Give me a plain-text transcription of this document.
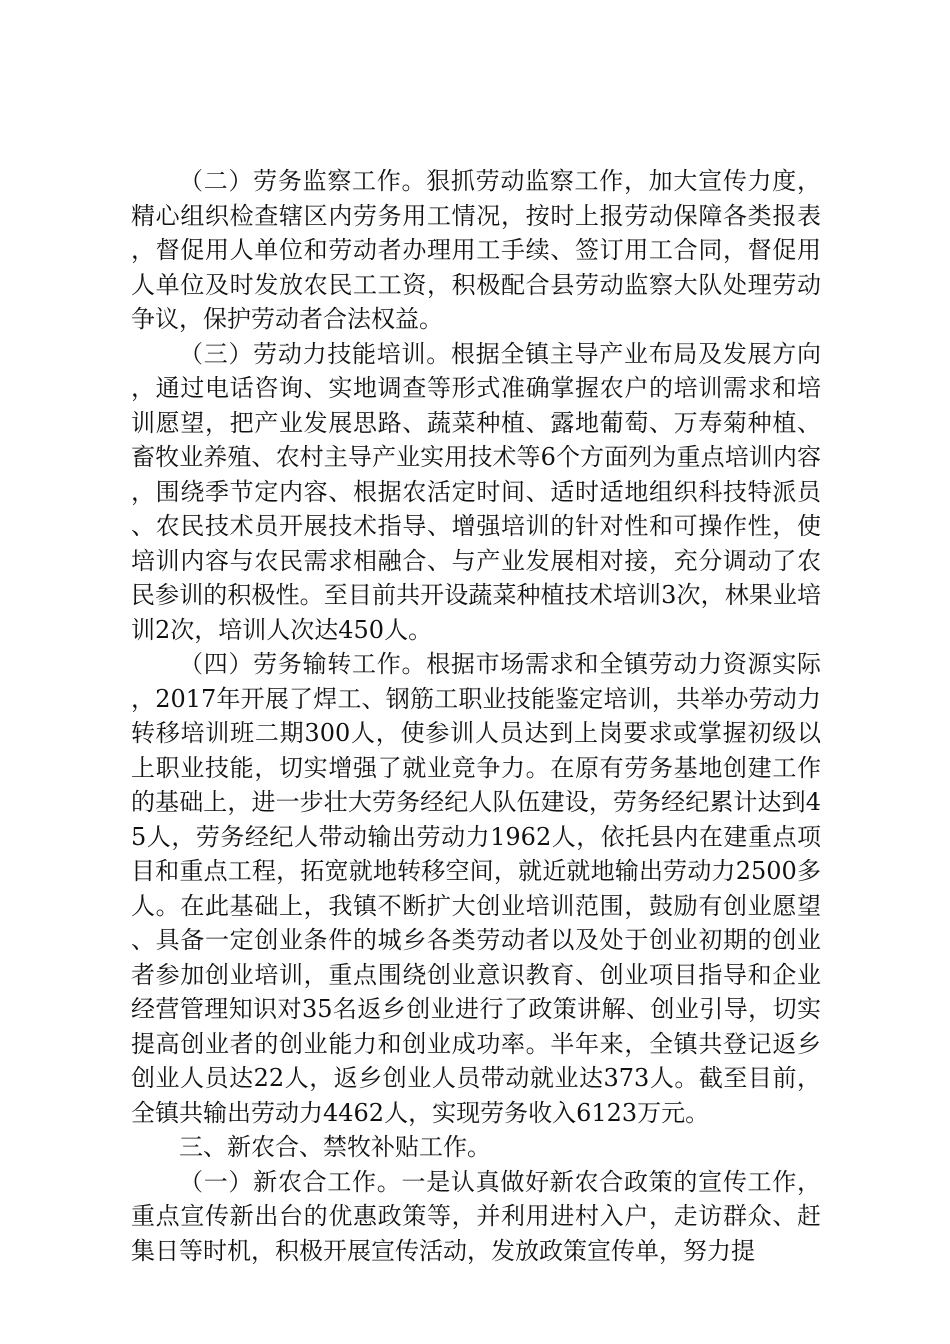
（二）劳务监察工作。狠抓劳动监察工作，加大宣传力度，精心组织检查辖区内劳务用工情况，按时上报劳动保障各类报表，督促用人单位和劳动者办理用工手续、签订用工合同，督促用人单位及时发放农民工工资，积极配合县劳动监察大队处理劳动争议，保护劳动者合法权益。

（三）劳动力技能培训。根据全镇主导产业布局及发展方向，通过电话咨询、实地调查等形式准确掌握农户的培训需求和培训愿望，把产业发展思路、蔬菜种植、露地葡萄、万寿菊种植、畜牧业养殖、农村主导产业实用技术等6个方面列为重点培训内容，围绕季节定内容、根据农活定时间、适时适地组织科技特派员、农民技术员开展技术指导、增强培训的针对性和可操作性，使培训内容与农民需求相融合、与产业发展相对接，充分调动了农民参训的积极性。至目前共开设蔬菜种植技术培训3次，林果业培训2次，培训人次达450人。

（四）劳务输转工作。根据市场需求和全镇劳动力资源实际，2017年开展了焊工、钢筋工职业技能鉴定培训，共举办劳动力转移培训班二期300人，使参训人员达到上岗要求或掌握初级以上职业技能，切实增强了就业竞争力。在原有劳务基地创建工作的基础上，进一步壮大劳务经纪人队伍建设，劳务经纪累计达到45人，劳务经纪人带动输出劳动力1962人，依托县内在建重点项目和重点工程，拓宽就地转移空间，就近就地输出劳动力2500多人。在此基础上，我镇不断扩大创业培训范围，鼓励有创业愿望、具备一定创业条件的城乡各类劳动者以及处于创业初期的创业者参加创业培训，重点围绕创业意识教育、创业项目指导和企业经营管理知识对35名返乡创业进行了政策讲解、创业引导，切实提高创业者的创业能力和创业成功率。半年来，全镇共登记返乡创业人员达22人，返乡创业人员带动就业达373人。截至目前，全镇共输出劳动力4462人，实现劳务收入6123万元。

三、新农合、禁牧补贴工作。

（一）新农合工作。一是认真做好新农合政策的宣传工作，重点宣传新出台的优惠政策等，并利用进村入户，走访群众、赶集日等时机，积极开展宣传活动，发放政策宣传单，努力提
